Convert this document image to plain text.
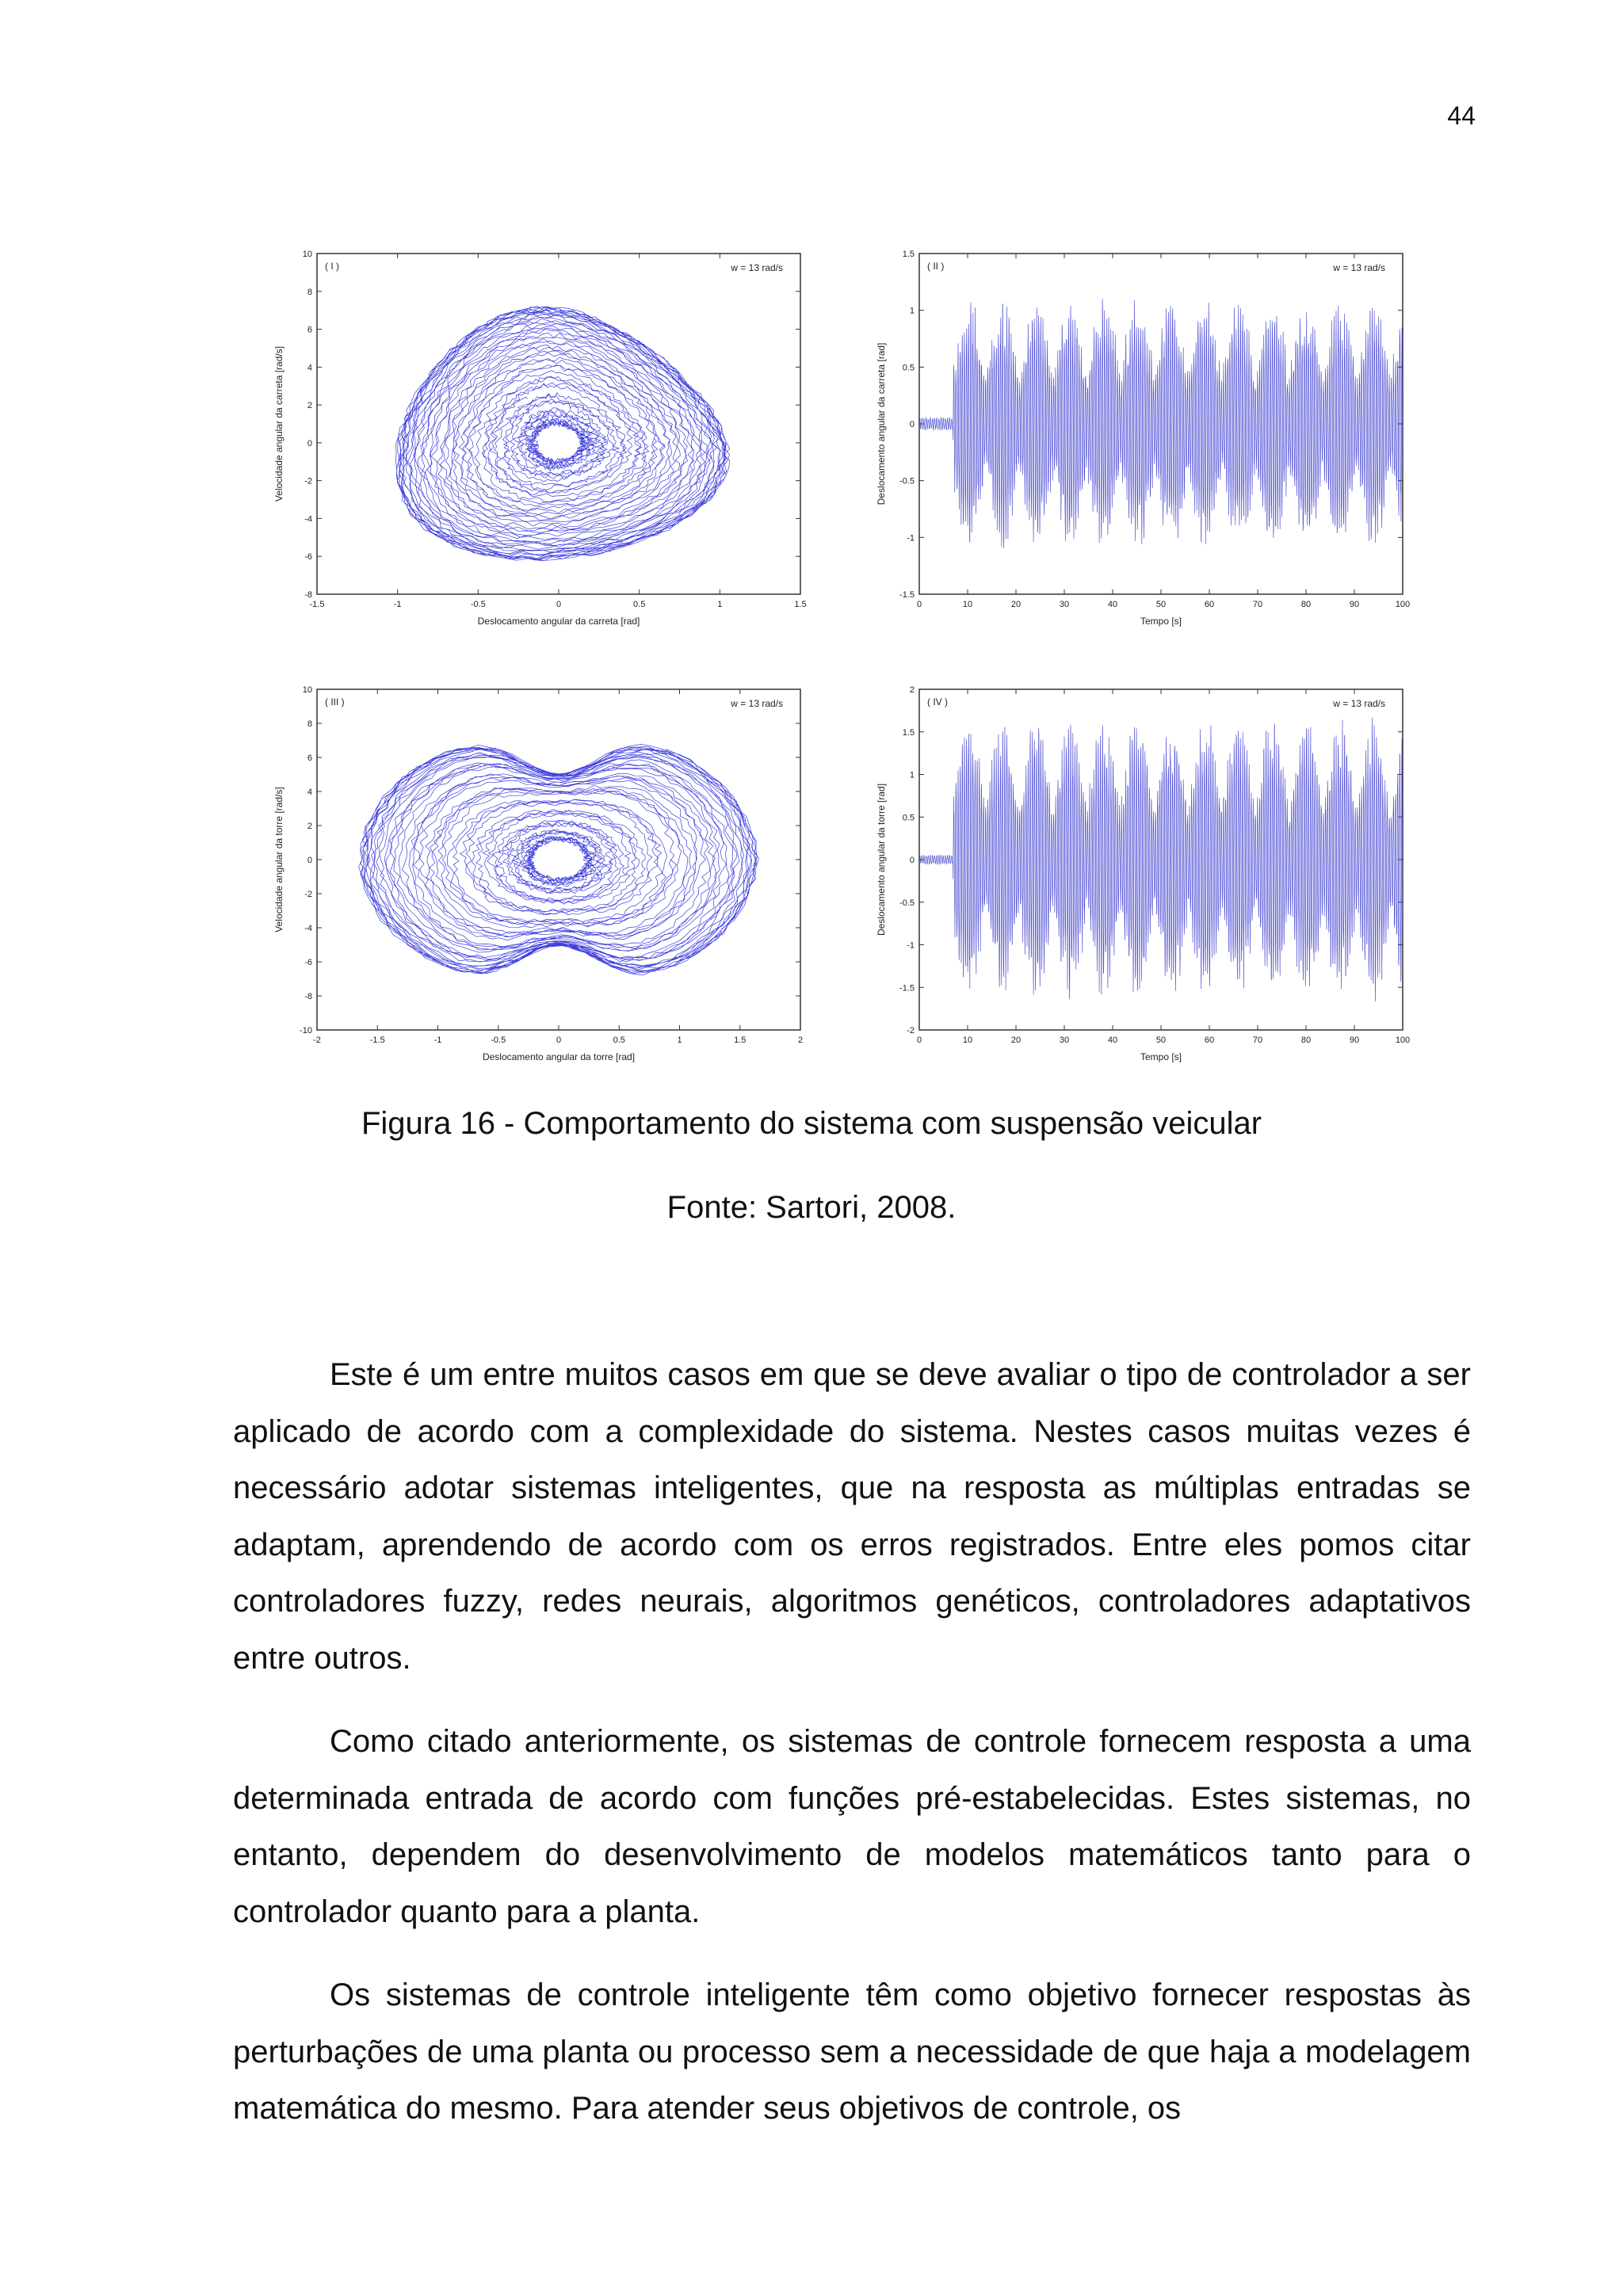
44
-1.5	-1	-0.5	0	0.5	1	1.5
-8
-6
-4
-2
0
2
4
6
8
10
Deslocamento angular da carreta [rad]
Velocidade angular da carreta [rad/s]
( I )	w = 13 rad/s
0	10	20	30	40	50	60	70	80	90	100
-1.5
-1
-0.5
0
0.5
1
1.5
Tempo [s]
Deslocamento angular da carreta [rad]
( II )	w = 13 rad/s
-2	-1.5	-1	-0.5	0	0.5	1	1.5	2
-10
-8
-6
-4
-2
0
2
4
6
8
10
Deslocamento angular da torre [rad]
Velocidade angular da torre [rad/s]
( III )	w = 13 rad/s
0	10	20	30	40	50	60	70	80	90	100
-2
-1.5
-1
-0.5
0
0.5
1
1.5
2
Tempo [s]
Deslocamento angular da torre [rad]
( IV )	w = 13 rad/s
Figura 16 - Comportamento do sistema com suspensão veicular
Fonte: Sartori, 2008.

Este é um entre muitos casos em que se deve avaliar o tipo de controlador a ser aplicado de acordo com a complexidade do sistema. Nestes casos muitas vezes é necessário adotar sistemas inteligentes, que na resposta as múltiplas entradas se adaptam, aprendendo de acordo com os erros registrados. Entre eles pomos citar controladores fuzzy, redes neurais, algoritmos genéticos, controladores adaptativos entre outros.

Como citado anteriormente, os sistemas de controle fornecem resposta a uma determinada entrada de acordo com funções pré-estabelecidas. Estes sistemas, no entanto, dependem do desenvolvimento de modelos matemáticos tanto para o controlador quanto para a planta.

Os sistemas de controle inteligente têm como objetivo fornecer respostas às perturbações de uma planta ou processo sem a necessidade de que haja a modelagem matemática do mesmo. Para atender seus objetivos de controle, os
